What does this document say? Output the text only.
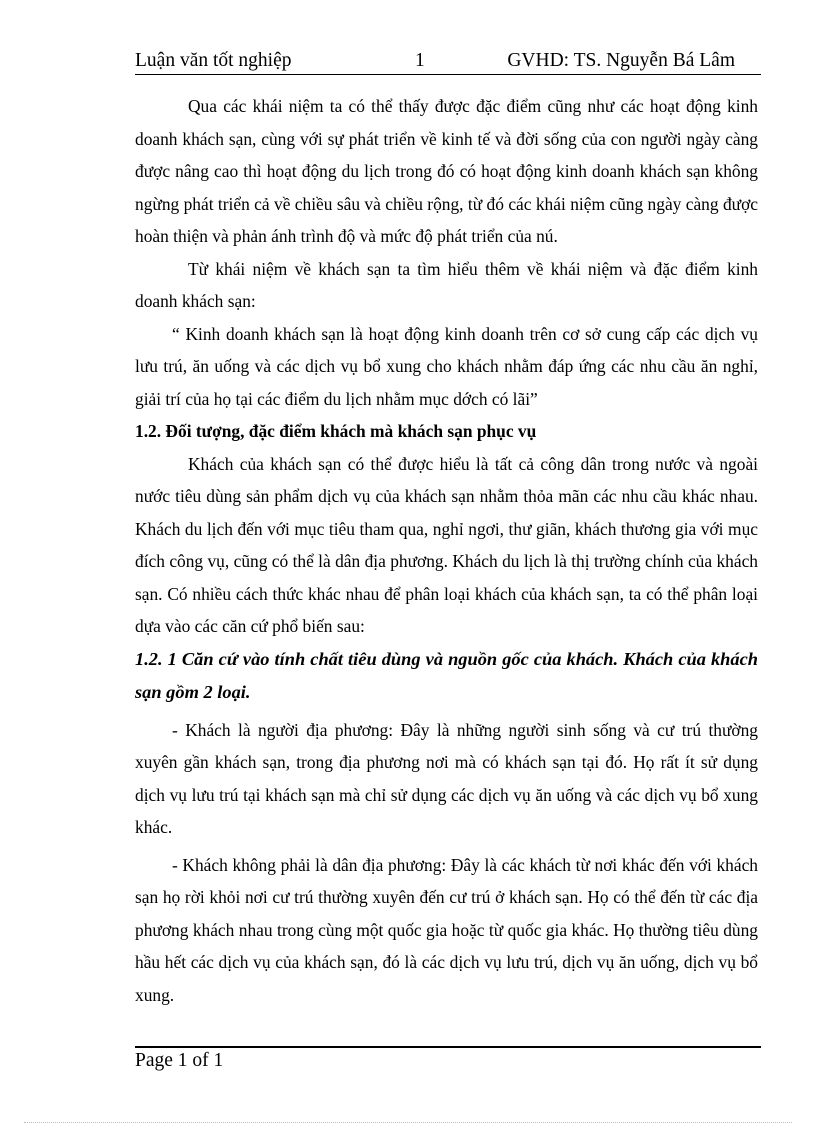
Luận văn tốt nghiệp	1	GVHD: TS. Nguyễn Bá Lâm

Qua các khái niệm ta có thể thấy được đặc điểm cũng như các hoạt động kinh doanh khách sạn, cùng với sự phát triển về kinh tế và đời sống của con người ngày càng được nâng cao thì hoạt động du lịch trong đó có hoạt động kinh doanh khách sạn không ngừng phát triển cả về chiều sâu và chiều rộng, từ đó các khái niệm cũng ngày càng được hoàn thiện và phản ánh trình độ và mức độ phát triển của nú.

Từ khái niệm về khách sạn ta tìm hiểu thêm về khái niệm và đặc điểm kinh doanh khách sạn:

“ Kinh doanh khách sạn là hoạt động kinh doanh trên cơ sở cung cấp các dịch vụ lưu trú, ăn uống và các dịch vụ bổ xung cho khách nhằm đáp ứng các nhu cầu ăn nghỉ, giải trí của họ tại các điểm du lịch nhằm mục dớch có lãi”

1.2. Đối tượng, đặc điểm khách mà khách sạn phục vụ

Khách của khách sạn có thể được hiểu là tất cả công dân trong nước và ngoài nước tiêu dùng sản phẩm dịch vụ của khách sạn nhằm thỏa mãn các nhu cầu khác nhau. Khách du lịch đến với mục tiêu tham qua, nghỉ ngơi, thư giãn, khách thương gia với mục đích công vụ, cũng có thể là dân địa phương. Khách du lịch là thị trường chính của khách sạn. Có nhiều cách thức khác nhau để phân loại khách của khách sạn, ta có thể phân loại dựa vào các căn cứ phổ biến sau:

1.2. 1 Căn cứ vào tính chất tiêu dùng và nguồn gốc của khách. Khách của khách sạn gồm 2 loại.

- Khách là người địa phương: Đây là những người sinh sống và cư trú thường xuyên gần khách sạn, trong địa phương nơi mà có khách sạn tại đó. Họ rất ít sử dụng dịch vụ lưu trú tại khách sạn mà chỉ sử dụng các dịch vụ ăn uống và các dịch vụ bổ xung khác.

- Khách không phải là dân địa phương: Đây là các khách từ nơi khác đến với khách sạn họ rời khỏi nơi cư trú thường xuyên đến cư trú ở khách sạn. Họ có thể đến từ các địa phương khách nhau trong cùng một quốc gia hoặc từ quốc gia khác. Họ thường tiêu dùng hầu hết các dịch vụ của khách sạn, đó là các dịch vụ lưu trú, dịch vụ ăn uống, dịch vụ bổ xung.

Page 1 of 1
